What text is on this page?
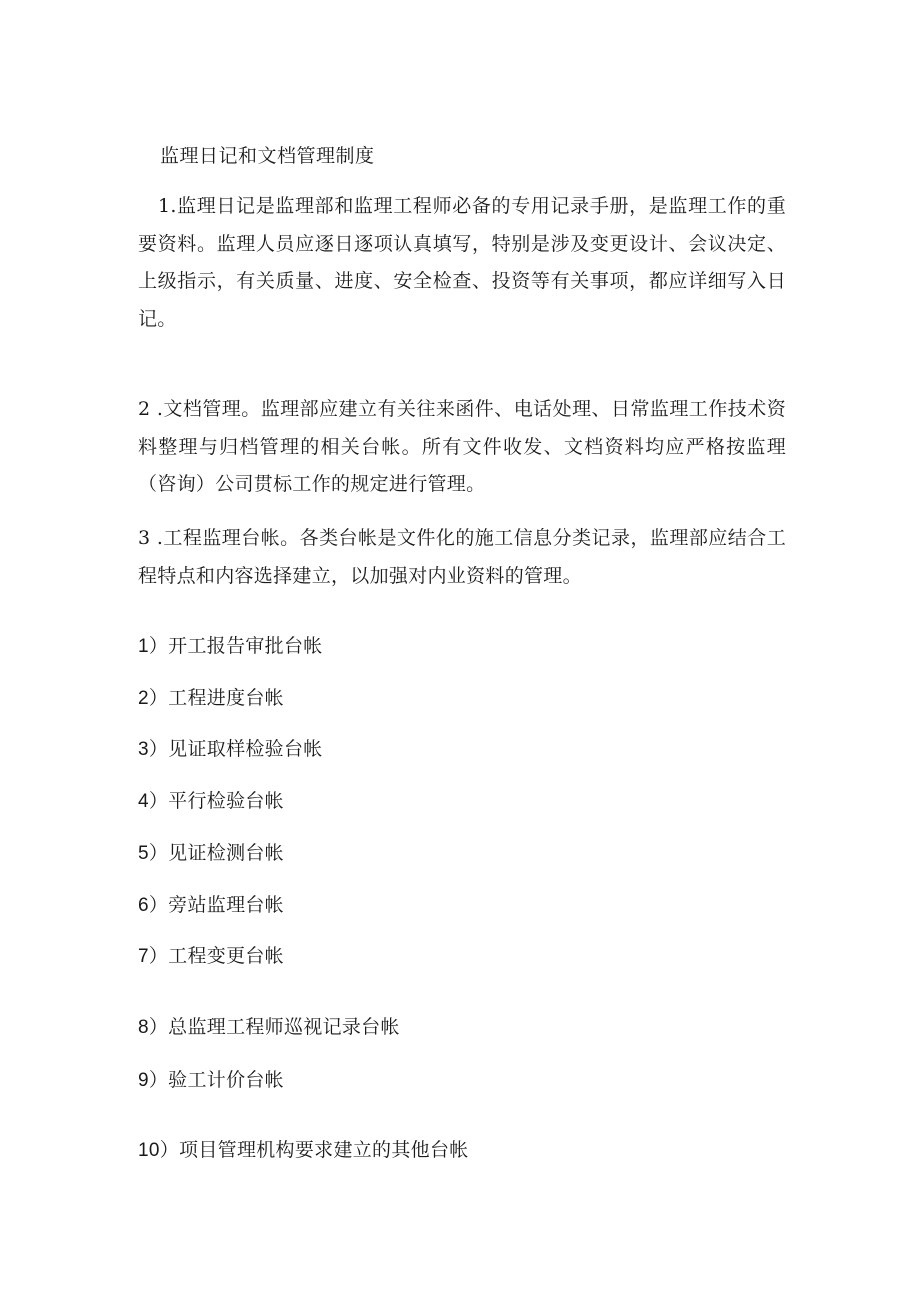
监理日记和文档管理制度
1.监理日记是监理部和监理工程师必备的专用记录手册，是监理工作的重要资料。监理人员应逐日逐项认真填写，特别是涉及变更设计、会议决定、上级指示，有关质量、进度、安全检查、投资等有关事项，都应详细写入日记。
2 .文档管理。监理部应建立有关往来函件、电话处理、日常监理工作技术资料整理与归档管理的相关台帐。所有文件收发、文档资料均应严格按监理（咨询）公司贯标工作的规定进行管理。
3 .工程监理台帐。各类台帐是文件化的施工信息分类记录，监理部应结合工程特点和内容选择建立，以加强对内业资料的管理。
1）开工报告审批台帐
2）工程进度台帐
3）见证取样检验台帐
4）平行检验台帐
5）见证检测台帐
6）旁站监理台帐
7）工程变更台帐
8）总监理工程师巡视记录台帐
9）验工计价台帐
10）项目管理机构要求建立的其他台帐
